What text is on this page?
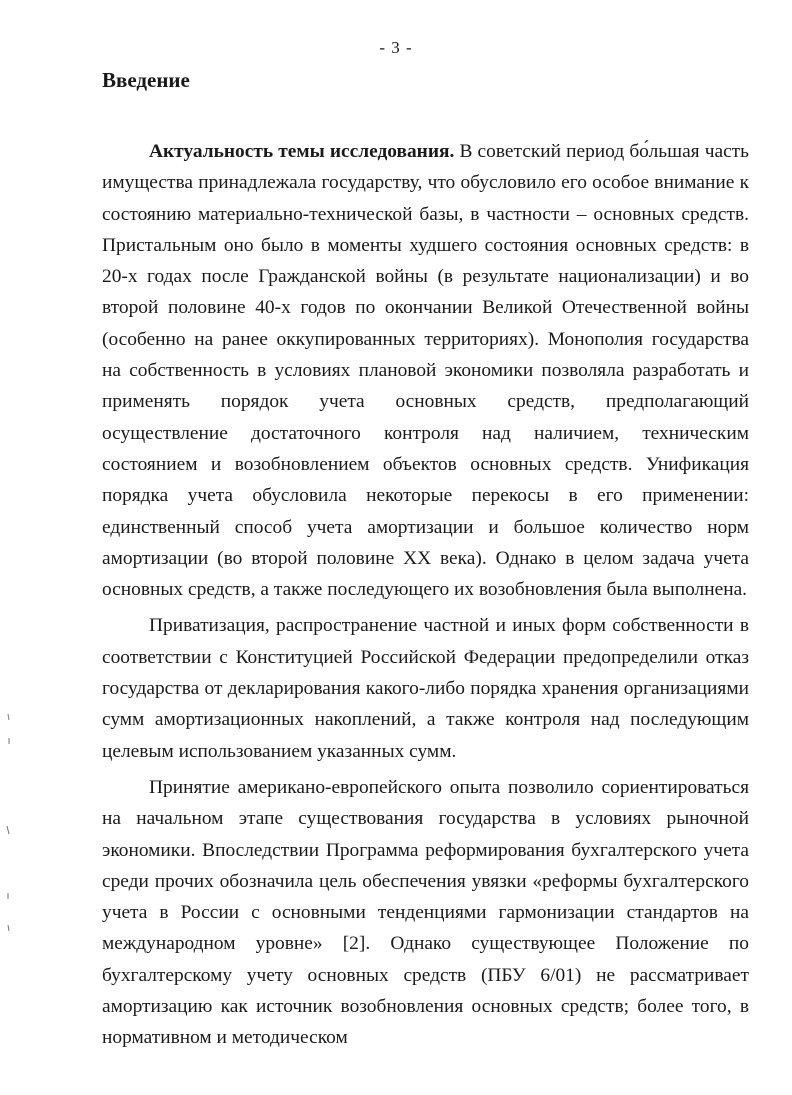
- 3 -
Введение

Актуальность темы исследования. В советский период бо́льшая часть имущества принадлежала государству, что обусловило его особое внимание к состоянию материально-технической базы, в частности – основных средств. Пристальным оно было в моменты худшего состояния основных средств: в 20-х годах после Гражданской войны (в результате национализации) и во второй половине 40-х годов по окончании Великой Отечественной войны (особенно на ранее оккупированных территориях). Монополия государства на собственность в условиях плановой экономики позволяла разработать и применять порядок учета основных средств, предполагающий осуществление достаточного контроля над наличием, техническим состоянием и возобновлением объектов основных средств. Унификация порядка учета обусловила некоторые перекосы в его применении: единственный способ учета амортизации и большое количество норм амортизации (во второй половине XX века). Однако в целом задача учета основных средств, а также последующего их возобновления была выполнена.

Приватизация, распространение частной и иных форм собственности в соответствии с Конституцией Российской Федерации предопределили отказ государства от декларирования какого-либо порядка хранения организациями сумм амортизационных накоплений, а также контроля над последующим целевым использованием указанных сумм.

Принятие американо-европейского опыта позволило сориентироваться на начальном этапе существования государства в условиях рыночной экономики. Впоследствии Программа реформирования бухгалтерского учета среди прочих обозначила цель обеспечения увязки «реформы бухгалтерского учета в России с основными тенденциями гармонизации стандартов на международном уровне» [2]. Однако существующее Положение по бухгалтерскому учету основных средств (ПБУ 6/01) не рассматривает амортизацию как источник возобновления основных средств; более того, в нормативном и методическом
